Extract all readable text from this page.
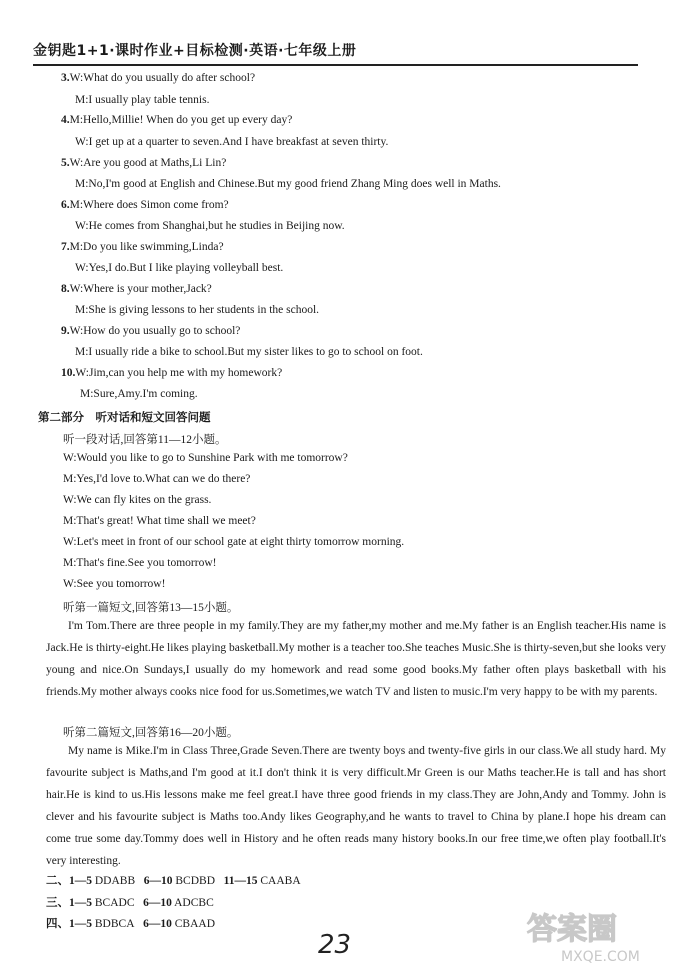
金钥匙1+1·课时作业+目标检测·英语·七年级上册
3.W:What do you usually do after school?
M:I usually play table tennis.
4.M:Hello,Millie! When do you get up every day?
W:I get up at a quarter to seven.And I have breakfast at seven thirty.
5.W:Are you good at Maths,Li Lin?
M:No,I'm good at English and Chinese.But my good friend Zhang Ming does well in Maths.
6.M:Where does Simon come from?
W:He comes from Shanghai,but he studies in Beijing now.
7.M:Do you like swimming,Linda?
W:Yes,I do.But I like playing volleyball best.
8.W:Where is your mother,Jack?
M:She is giving lessons to her students in the school.
9.W:How do you usually go to school?
M:I usually ride a bike to school.But my sister likes to go to school on foot.
10.W:Jim,can you help me with my homework?
M:Sure,Amy.I'm coming.
第二部分　听对话和短文回答问题
听一段对话,回答第11—12小题。
W:Would you like to go to Sunshine Park with me tomorrow?
M:Yes,I'd love to.What can we do there?
W:We can fly kites on the grass.
M:That's great! What time shall we meet?
W:Let's meet in front of our school gate at eight thirty tomorrow morning.
M:That's fine.See you tomorrow!
W:See you tomorrow!
听第一篇短文,回答第13—15小题。
I'm Tom.There are three people in my family.They are my father,my mother and me.My father is an English teacher.His name is Jack.He is thirty-eight.He likes playing basketball.My mother is a teacher too.She teaches Music.She is thirty-seven,but she looks very young and nice.On Sundays,I usually do my homework and read some good books.My father often plays basketball with his friends.My mother always cooks nice food for us.Sometimes,we watch TV and listen to music.I'm very happy to be with my parents.
听第二篇短文,回答第16—20小题。
My name is Mike.I'm in Class Three,Grade Seven.There are twenty boys and twenty-five girls in our class.We all study hard. My favourite subject is Maths,and I'm good at it.I don't think it is very difficult.Mr Green is our Maths teacher.He is tall and has short hair.He is kind to us.His lessons make me feel great.I have three good friends in my class.They are John,Andy and Tommy. John is clever and his favourite subject is Maths too.Andy likes Geography,and he wants to travel to China by plane.I hope his dream can come true some day.Tommy does well in History and he often reads many history books.In our free time,we often play football.It's very interesting.
二、1—5 DDABB 6—10 BCDBD 11—15 CAABA
三、1—5 BCADC 6—10 ADCBC
四、1—5 BDBCA 6—10 CBAAD
23	答案圈
MXQE.COM
